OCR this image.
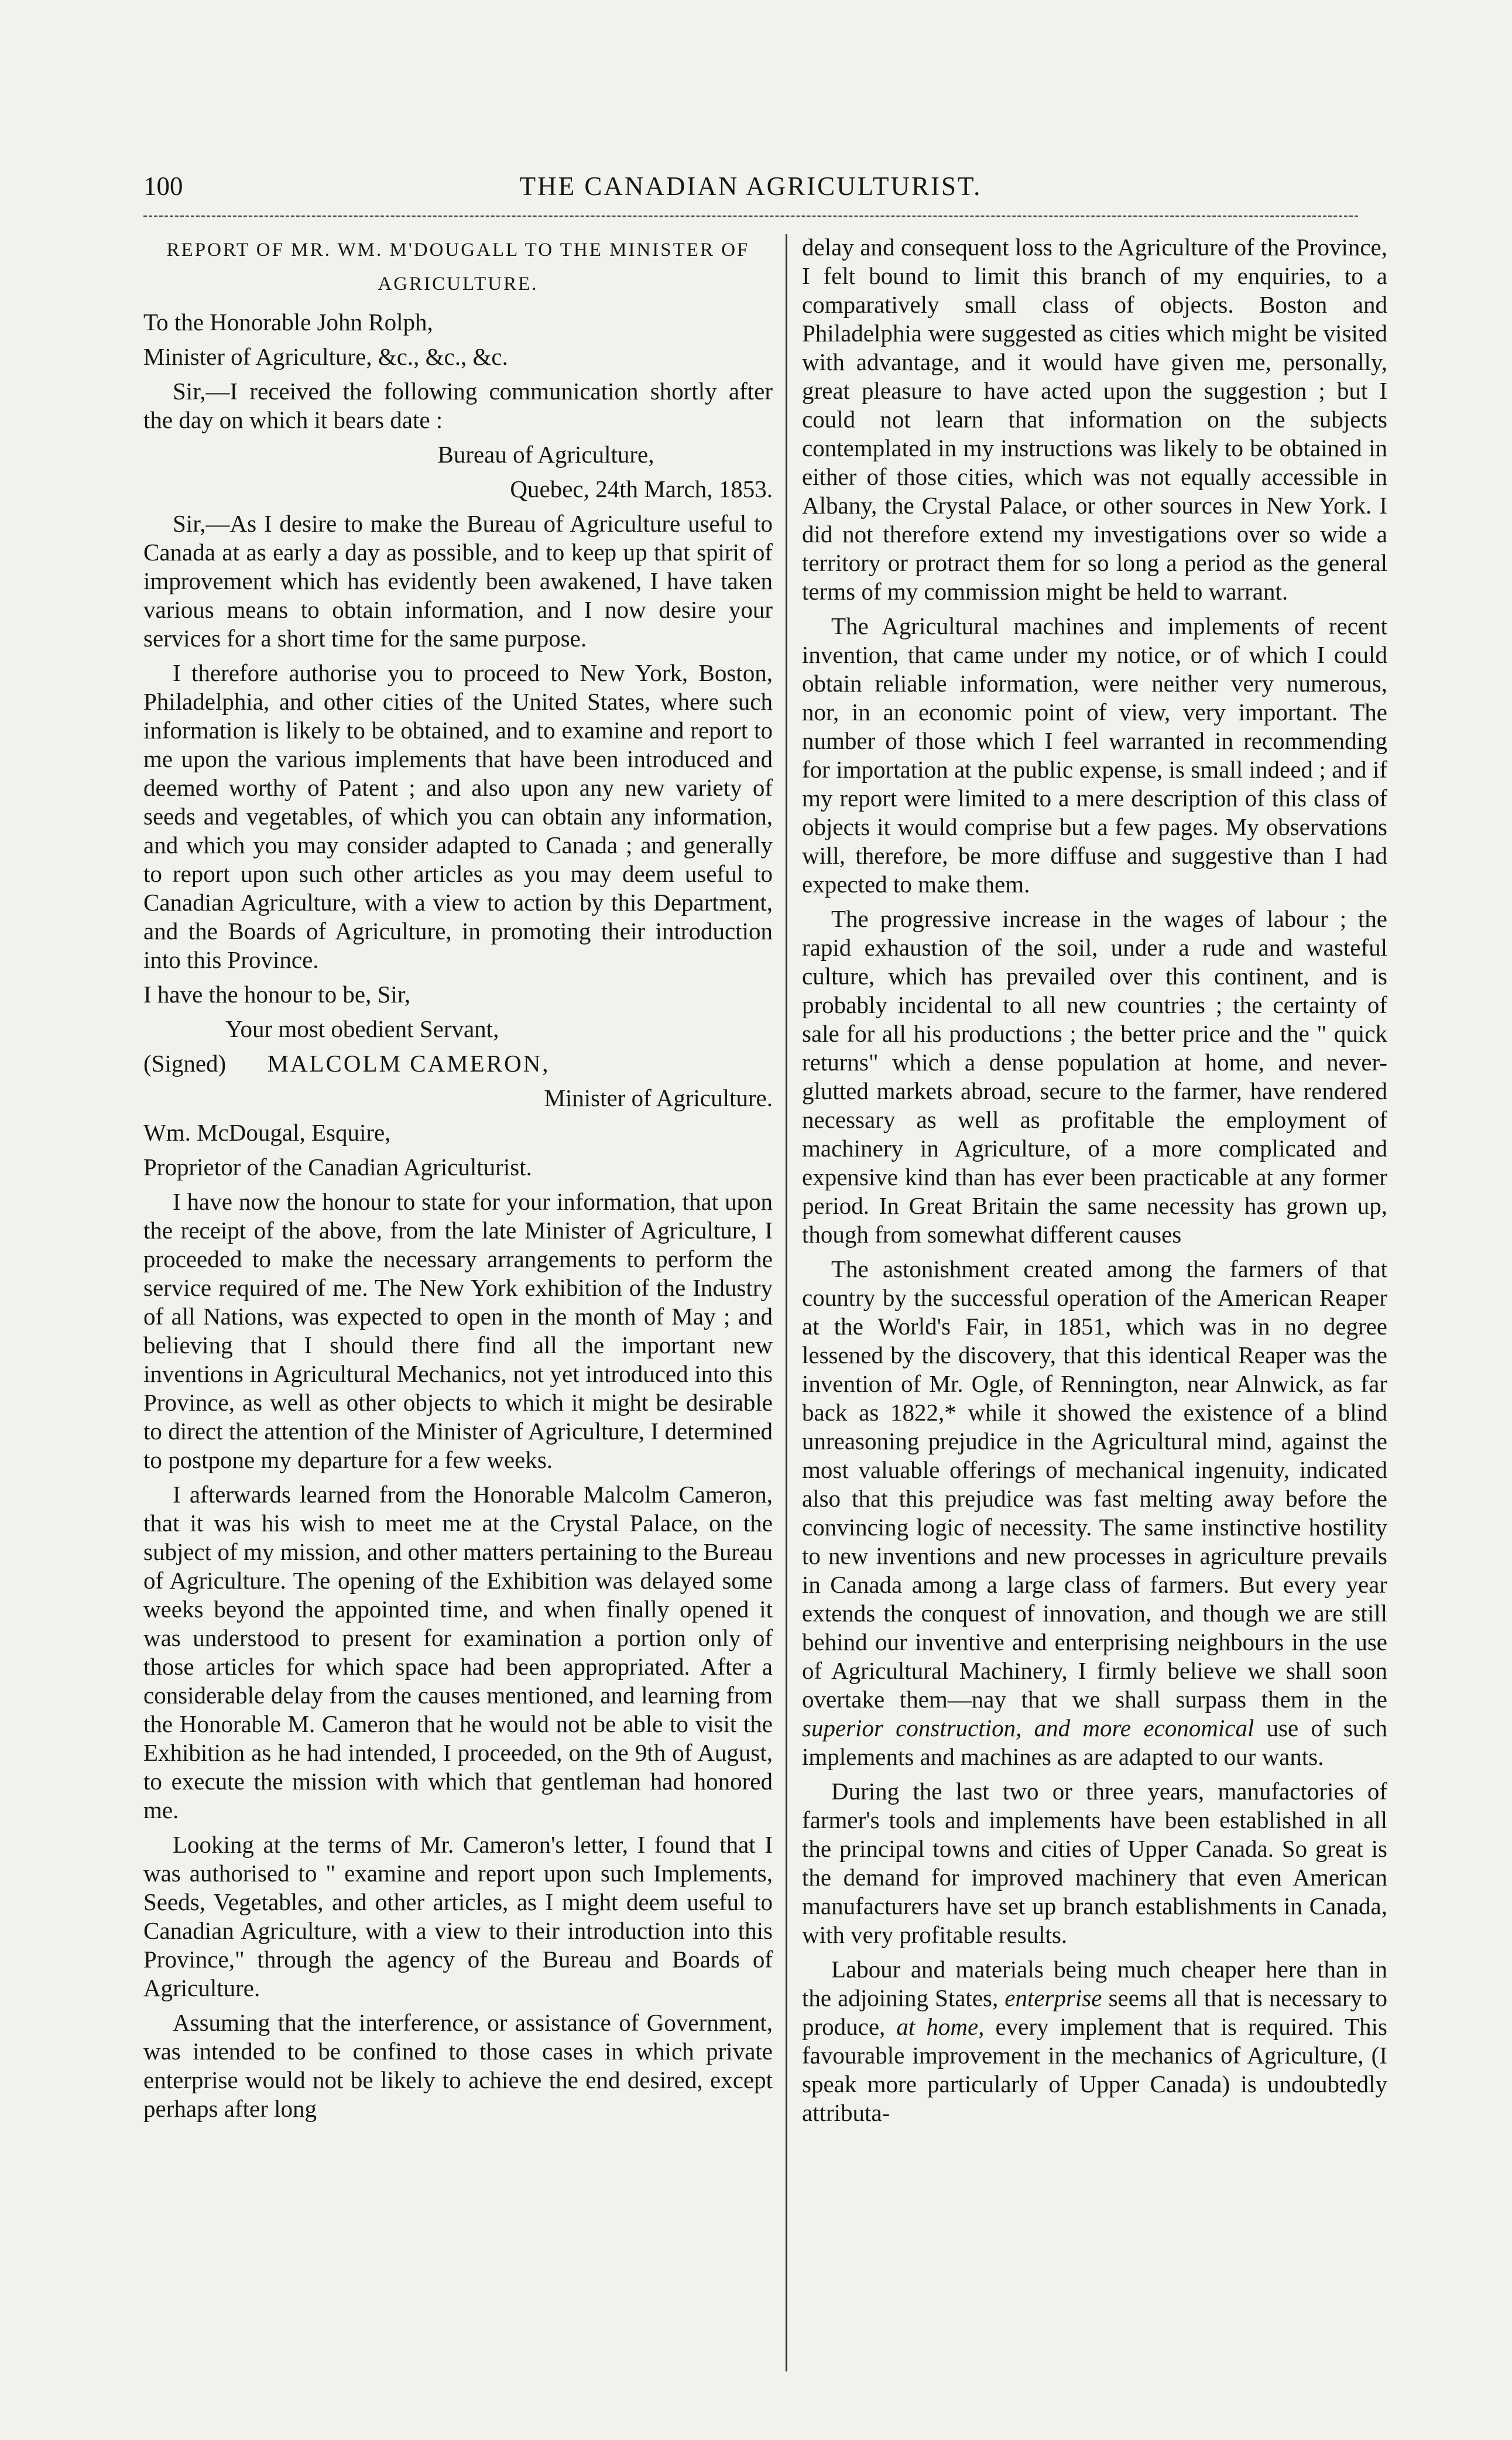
100	THE CANADIAN AGRICULTURIST.
REPORT OF MR. WM. M'DOUGALL TO THE MINISTER OF AGRICULTURE.

To the Honorable John Rolph,

Minister of Agriculture, &c., &c., &c.

Sir,—I received the following communication shortly after the day on which it bears date :

Bureau of Agriculture,

Quebec, 24th March, 1853.

Sir,—As I desire to make the Bureau of Agriculture useful to Canada at as early a day as possible, and to keep up that spirit of improvement which has evidently been awakened, I have taken various means to obtain information, and I now desire your services for a short time for the same purpose.

I therefore authorise you to proceed to New York, Boston, Philadelphia, and other cities of the United States, where such information is likely to be obtained, and to examine and report to me upon the various implements that have been introduced and deemed worthy of Patent ; and also upon any new variety of seeds and vegetables, of which you can obtain any information, and which you may consider adapted to Canada ; and generally to report upon such other articles as you may deem useful to Canadian Agriculture, with a view to action by this Department, and the Boards of Agriculture, in promoting their introduction into this Province.

I have the honour to be, Sir,

Your most obedient Servant,

(Signed) MALCOLM CAMERON,

Minister of Agriculture.

Wm. McDougal, Esquire,

Proprietor of the Canadian Agriculturist.

I have now the honour to state for your information, that upon the receipt of the above, from the late Minister of Agriculture, I proceeded to make the necessary arrangements to perform the service required of me. The New York exhibition of the Industry of all Nations, was expected to open in the month of May ; and believing that I should there find all the important new inventions in Agricultural Mechanics, not yet introduced into this Province, as well as other objects to which it might be desirable to direct the attention of the Minister of Agriculture, I determined to postpone my departure for a few weeks.

I afterwards learned from the Honorable Malcolm Cameron, that it was his wish to meet me at the Crystal Palace, on the subject of my mission, and other matters pertaining to the Bureau of Agriculture. The opening of the Exhibition was delayed some weeks beyond the appointed time, and when finally opened it was understood to present for examination a portion only of those articles for which space had been appropriated. After a considerable delay from the causes mentioned, and learning from the Honorable M. Cameron that he would not be able to visit the Exhibition as he had intended, I proceeded, on the 9th of August, to execute the mission with which that gentleman had honored me.

Looking at the terms of Mr. Cameron's letter, I found that I was authorised to " examine and report upon such Implements, Seeds, Vegetables, and other articles, as I might deem useful to Canadian Agriculture, with a view to their introduction into this Province," through the agency of the Bureau and Boards of Agriculture.

Assuming that the interference, or assistance of Government, was intended to be confined to those cases in which private enterprise would not be likely to achieve the end desired, except perhaps after long

delay and consequent loss to the Agriculture of the Province, I felt bound to limit this branch of my enquiries, to a comparatively small class of objects. Boston and Philadelphia were suggested as cities which might be visited with advantage, and it would have given me, personally, great pleasure to have acted upon the suggestion ; but I could not learn that information on the subjects contemplated in my instructions was likely to be obtained in either of those cities, which was not equally accessible in Albany, the Crystal Palace, or other sources in New York. I did not therefore extend my investigations over so wide a territory or protract them for so long a period as the general terms of my commission might be held to warrant.

The Agricultural machines and implements of recent invention, that came under my notice, or of which I could obtain reliable information, were neither very numerous, nor, in an economic point of view, very important. The number of those which I feel warranted in recommending for importation at the public expense, is small indeed ; and if my report were limited to a mere description of this class of objects it would comprise but a few pages. My observations will, therefore, be more diffuse and suggestive than I had expected to make them.

The progressive increase in the wages of labour ; the rapid exhaustion of the soil, under a rude and wasteful culture, which has prevailed over this continent, and is probably incidental to all new countries ; the certainty of sale for all his productions ; the better price and the " quick returns" which a dense population at home, and never-glutted markets abroad, secure to the farmer, have rendered necessary as well as profitable the employment of machinery in Agriculture, of a more complicated and expensive kind than has ever been practicable at any former period. In Great Britain the same necessity has grown up, though from somewhat different causes

The astonishment created among the farmers of that country by the successful operation of the American Reaper at the World's Fair, in 1851, which was in no degree lessened by the discovery, that this identical Reaper was the invention of Mr. Ogle, of Rennington, near Alnwick, as far back as 1822,* while it showed the existence of a blind unreasoning prejudice in the Agricultural mind, against the most valuable offerings of mechanical ingenuity, indicated also that this prejudice was fast melting away before the convincing logic of necessity. The same instinctive hostility to new inventions and new processes in agriculture prevails in Canada among a large class of farmers. But every year extends the conquest of innovation, and though we are still behind our inventive and enterprising neighbours in the use of Agricultural Machinery, I firmly believe we shall soon overtake them—nay that we shall surpass them in the superior construction, and more economical use of such implements and machines as are adapted to our wants.

During the last two or three years, manufactories of farmer's tools and implements have been established in all the principal towns and cities of Upper Canada. So great is the demand for improved machinery that even American manufacturers have set up branch establishments in Canada, with very profitable results.

Labour and materials being much cheaper here than in the adjoining States, enterprise seems all that is necessary to produce, at home, every implement that is required. This favourable improvement in the mechanics of Agriculture, (I speak more particularly of Upper Canada) is undoubtedly attributa-
